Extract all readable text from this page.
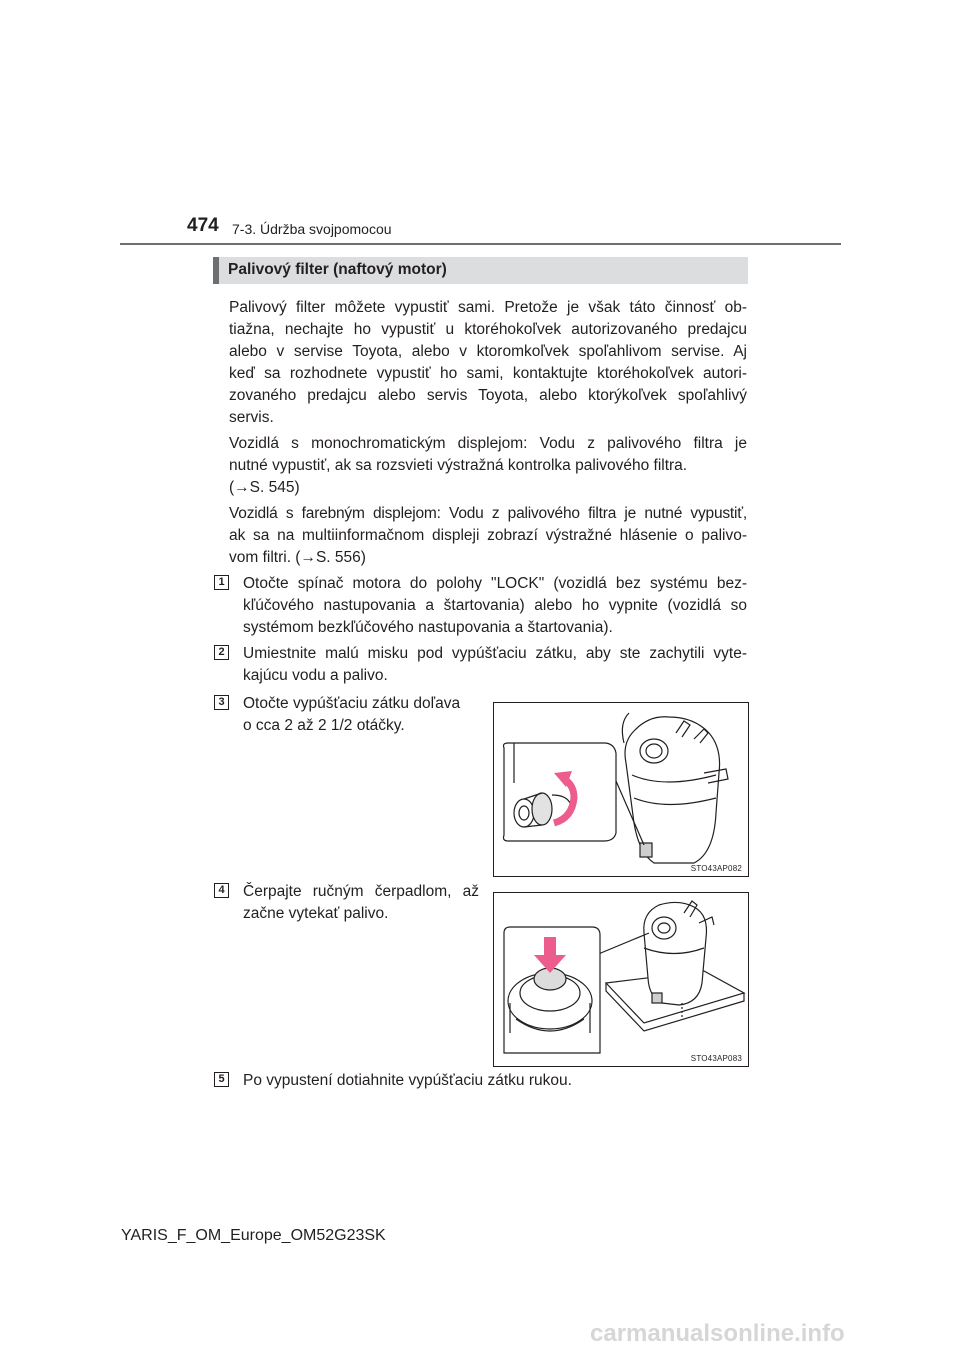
474 7-3. Údržba svojpomocou
Palivový filter (naftový motor)
Palivový filter môžete vypustiť sami. Pretože je však táto činnosť ob-
tiažna, nechajte ho vypustiť u ktoréhokoľvek autorizovaného predajcu
alebo v servise Toyota, alebo v ktoromkoľvek spoľahlivom servise. Aj
keď sa rozhodnete vypustiť ho sami, kontaktujte ktoréhokoľvek autori-
zovaného predajcu alebo servis Toyota, alebo ktorýkoľvek spoľahlivý
servis.
Vozidlá s monochromatickým displejom: Vodu z palivového filtra je
nutné vypustiť, ak sa rozsvieti výstražná kontrolka palivového filtra.
(→S. 545)
Vozidlá s farebným displejom: Vodu z palivového filtra je nutné vypustiť,
ak sa na multiinformačnom displeji zobrazí výstražné hlásenie o palivo-
vom filtri. (→S. 556)
1 Otočte spínač motora do polohy "LOCK" (vozidlá bez systému bez-
kľúčového nastupovania a štartovania) alebo ho vypnite (vozidlá so
systémom bezkľúčového nastupovania a štartovania).
2 Umiestnite malú misku pod vypúšťaciu zátku, aby ste zachytili vyte-
kajúcu vodu a palivo.
3 Otočte vypúšťaciu zátku doľava
o cca 2 až 2 1/2 otáčky.
STO43AP082
4 Čerpajte ručným čerpadlom, až
začne vytekať palivo.
STO43AP083
5 Po vypustení dotiahnite vypúšťaciu zátku rukou.
YARIS_F_OM_Europe_OM52G23SK
carmanualsonline.info
